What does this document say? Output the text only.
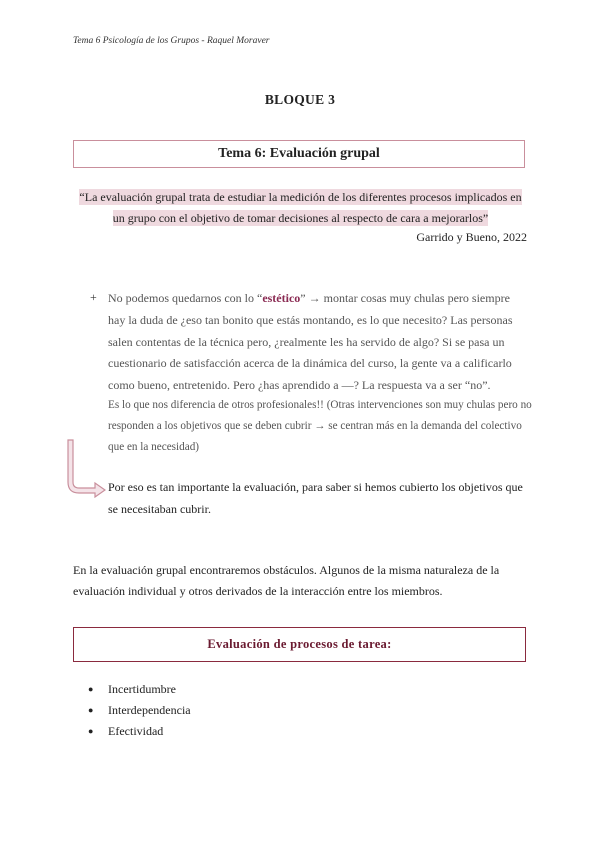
Tema 6 Psicología de los Grupos - Raquel Moraver
BLOQUE 3
Tema 6: Evaluación grupal
“La evaluación grupal trata de estudiar la medición de los diferentes procesos implicados en
un grupo con el objetivo de tomar decisiones al respecto de cara a mejorarlos”
Garrido y Bueno, 2022
+ No podemos quedarnos con lo “estético” → montar cosas muy chulas pero siempre hay la duda de ¿eso tan bonito que estás montando, es lo que necesito? Las personas salen contentas de la técnica pero, ¿realmente les ha servido de algo? Si se pasa un cuestionario de satisfacción acerca de la dinámica del curso, la gente va a calificarlo como bueno, entretenido. Pero ¿has aprendido a —? La respuesta va a ser “no”.
Es lo que nos diferencia de otros profesionales!! (Otras intervenciones son muy chulas pero no responden a los objetivos que se deben cubrir → se centran más en la demanda del colectivo que en la necesidad)
Por eso es tan importante la evaluación, para saber si hemos cubierto los objetivos que se necesitaban cubrir.
En la evaluación grupal encontraremos obstáculos. Algunos de la misma naturaleza de la evaluación individual y otros derivados de la interacción entre los miembros.
Evaluación de procesos de tarea:
●	Incertidumbre
●	Interdependencia
●	Efectividad
